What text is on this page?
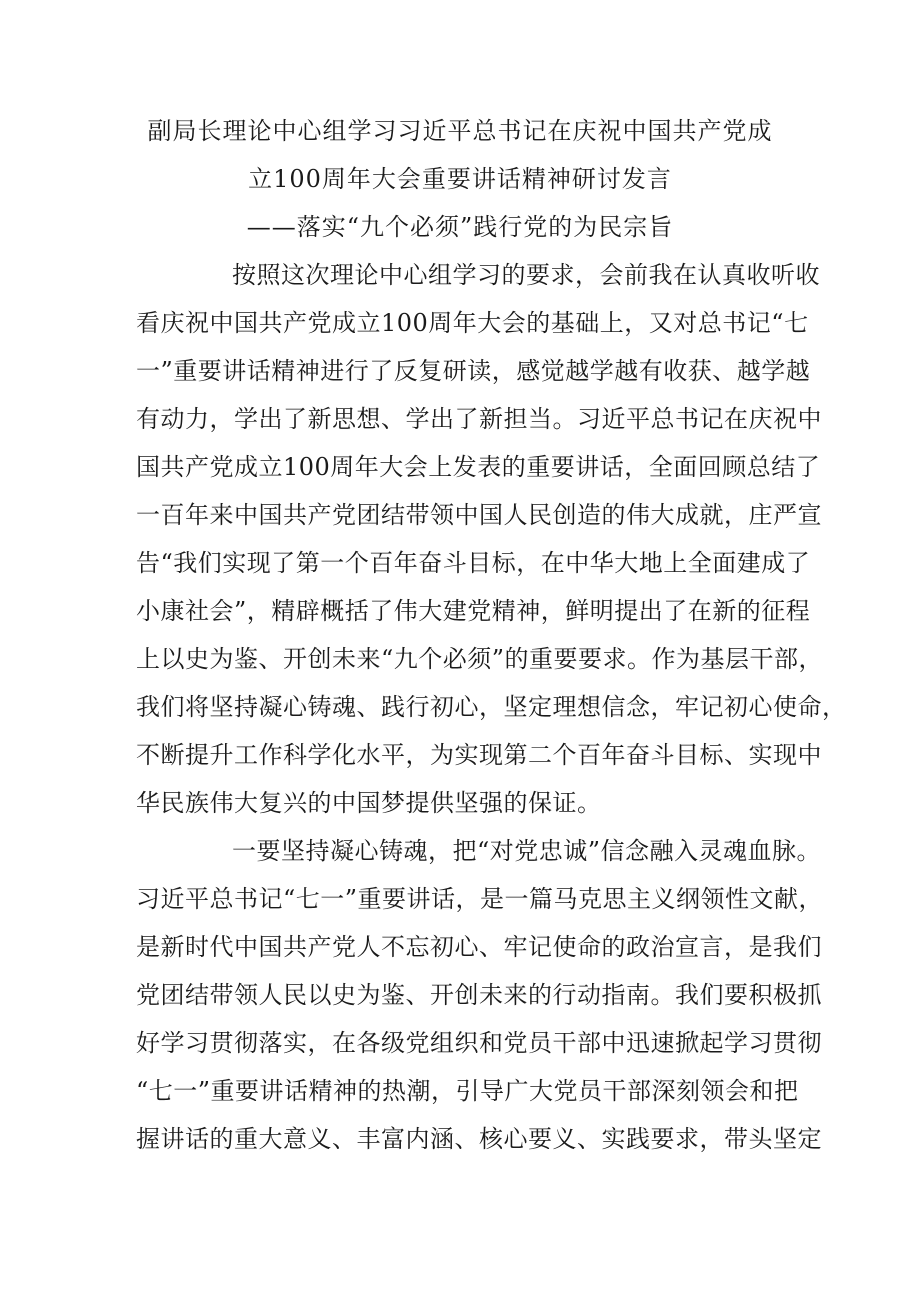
副局长理论中心组学习习近平总书记在庆祝中国共产党成
立100周年大会重要讲话精神研讨发言
——落实“九个必须”践行党的为民宗旨
按照这次理论中心组学习的要求，会前我在认真收听收
看庆祝中国共产党成立100周年大会的基础上，又对总书记“七
一”重要讲话精神进行了反复研读，感觉越学越有收获、越学越
有动力，学出了新思想、学出了新担当。习近平总书记在庆祝中
国共产党成立100周年大会上发表的重要讲话，全面回顾总结了
一百年来中国共产党团结带领中国人民创造的伟大成就，庄严宣
告“我们实现了第一个百年奋斗目标，在中华大地上全面建成了
小康社会”，精辟概括了伟大建党精神，鲜明提出了在新的征程
上以史为鉴、开创未来“九个必须”的重要要求。作为基层干部，
我们将坚持凝心铸魂、践行初心，坚定理想信念，牢记初心使命，
不断提升工作科学化水平，为实现第二个百年奋斗目标、实现中
华民族伟大复兴的中国梦提供坚强的保证。
一要坚持凝心铸魂，把“对党忠诚”信念融入灵魂血脉。
习近平总书记“七一”重要讲话，是一篇马克思主义纲领性文献，
是新时代中国共产党人不忘初心、牢记使命的政治宣言，是我们
党团结带领人民以史为鉴、开创未来的行动指南。我们要积极抓
好学习贯彻落实，在各级党组织和党员干部中迅速掀起学习贯彻
“七一”重要讲话精神的热潮，引导广大党员干部深刻领会和把
握讲话的重大意义、丰富内涵、核心要义、实践要求，带头坚定
